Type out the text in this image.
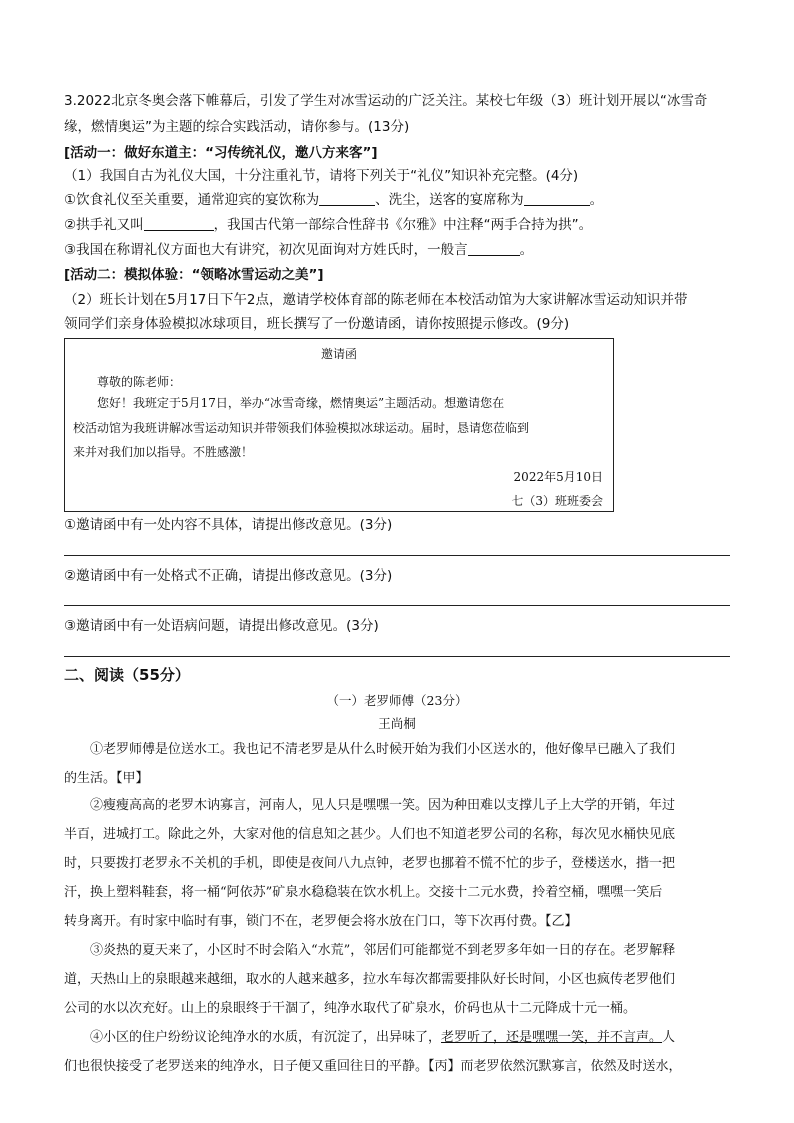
3.2022北京冬奥会落下帷幕后，引发了学生对冰雪运动的广泛关注。某校七年级（3）班计划开展以“冰雪奇
缘，燃情奥运”为主题的综合实践活动，请你参与。(13分)
[活动一：做好东道主：“习传统礼仪，邀八方来客”]
（1）我国自古为礼仪大国，十分注重礼节，请将下列关于“礼仪”知识补充完整。(4分)
①饮食礼仪至关重要，通常迎宾的宴饮称为	、洗尘，送客的宴席称为	。
②拱手礼又叫	，我国古代第一部综合性辞书《尔雅》中注释“两手合持为拱”。
③我国在称谓礼仪方面也大有讲究，初次见面询对方姓氏时，一般言	。
[活动二：模拟体验：“领略冰雪运动之美”]
（2）班长计划在5月17日下午2点，邀请学校体育部的陈老师在本校活动馆为大家讲解冰雪运动知识并带
领同学们亲身体验模拟冰球项目，班长撰写了一份邀请函，请你按照提示修改。(9分)
邀请函
尊敬的陈老师：
您好！我班定于5月17日，举办“冰雪奇缘，燃情奥运”主题活动。想邀请您在
校活动馆为我班讲解冰雪运动知识并带领我们体验模拟冰球运动。届时，恳请您莅临到
来并对我们加以指导。不胜感激！
2022年5月10日
七（3）班班委会
①邀请函中有一处内容不具体，请提出修改意见。(3分)
②邀请函中有一处格式不正确，请提出修改意见。(3分)
③邀请函中有一处语病问题，请提出修改意见。(3分)
二、阅读（55分）
（一）老罗师傅（23分）
王尚桐
①老罗师傅是位送水工。我也记不清老罗是从什么时候开始为我们小区送水的，他好像早已融入了我们
的生活。【甲】
②瘦瘦高高的老罗木讷寡言，河南人，见人只是嘿嘿一笑。因为种田难以支撑儿子上大学的开销，年过
半百，进城打工。除此之外，大家对他的信息知之甚少。人们也不知道老罗公司的名称，每次见水桶快见底
时，只要拨打老罗永不关机的手机，即使是夜间八九点钟，老罗也挪着不慌不忙的步子，登楼送水，揩一把
汗，换上塑料鞋套，将一桶“阿依苏”矿泉水稳稳装在饮水机上。交接十二元水费，拎着空桶，嘿嘿一笑后
转身离开。有时家中临时有事，锁门不在，老罗便会将水放在门口，等下次再付费。【乙】
③炎热的夏天来了，小区时不时会陷入“水荒”，邻居们可能都觉不到老罗多年如一日的存在。老罗解释
道，天热山上的泉眼越来越细，取水的人越来越多，拉水车每次都需要排队好长时间，小区也疯传老罗他们
公司的水以次充好。山上的泉眼终于干涸了，纯净水取代了矿泉水，价码也从十二元降成十元一桶。
④小区的住户纷纷议论纯净水的水质，有沉淀了，出异味了，老罗听了，还是嘿嘿一笑，并不言声。人
们也很快接受了老罗送来的纯净水，日子便又重回往日的平静。【丙】而老罗依然沉默寡言，依然及时送水，
